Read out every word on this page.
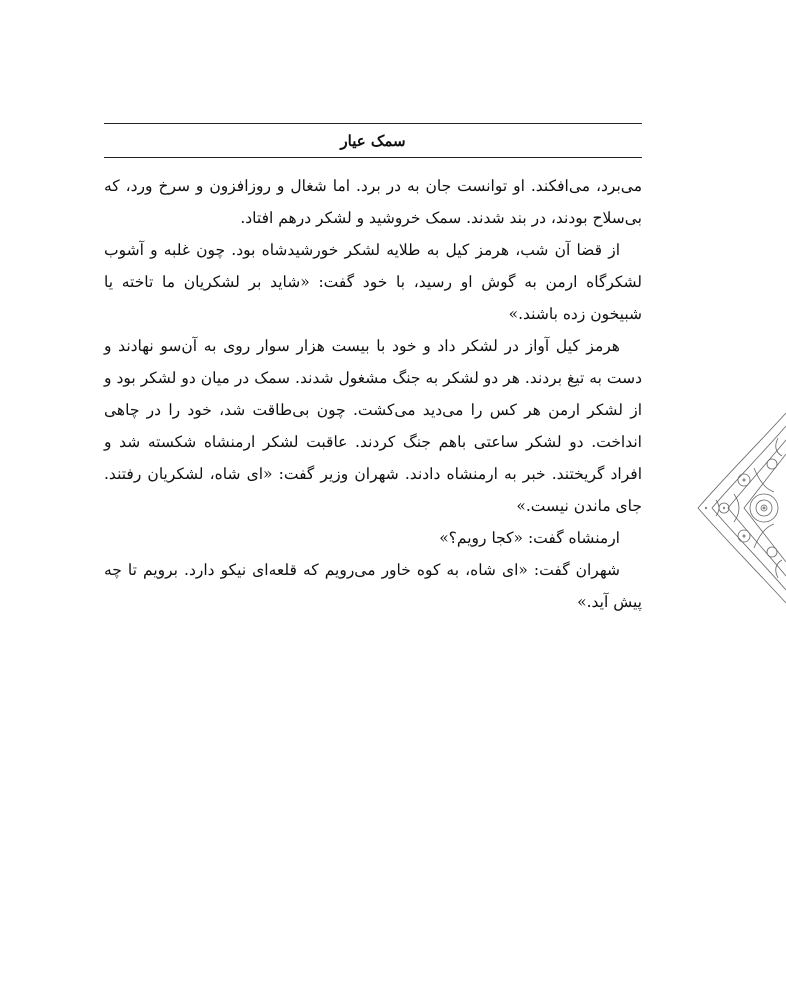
سمک عیار

می‌برد، می‌افکند. او توانست جان به در برد. اما شغال و روزافزون و سرخ ورد، که بی‌سلاح بودند، در بند شدند. سمک خروشید و لشکر درهم افتاد.

از قضا آن شب، هرمز کیل به طلایه لشکر خورشیدشاه بود. چون غلبه و آشوب لشکرگاه ارمن به گوش او رسید، با خود گفت: «شاید بر لشکریان ما تاخته یا شبیخون زده باشند.»

هرمز کیل آواز در لشکر داد و خود با بیست هزار سوار روی به آن‌سو نهادند و دست به تیغ بردند. هر دو لشکر به جنگ مشغول شدند. سمک در میان دو لشکر بود و از لشکر ارمن هر کس را می‌دید می‌کشت. چون بی‌طاقت شد، خود را در چاهی انداخت. دو لشکر ساعتی باهم جنگ کردند. عاقبت لشکر ارمنشاه شکسته شد و افراد گریختند. خبر به ارمنشاه دادند. شهران وزیر گفت: «ای شاه، لشکریان رفتند. جای ماندن نیست.»

ارمنشاه گفت: «کجا رویم؟»

شهران گفت: «ای شاه، به کوه خاور می‌رویم که قلعه‌ای نیکو دارد. برویم تا چه پیش آید.»
